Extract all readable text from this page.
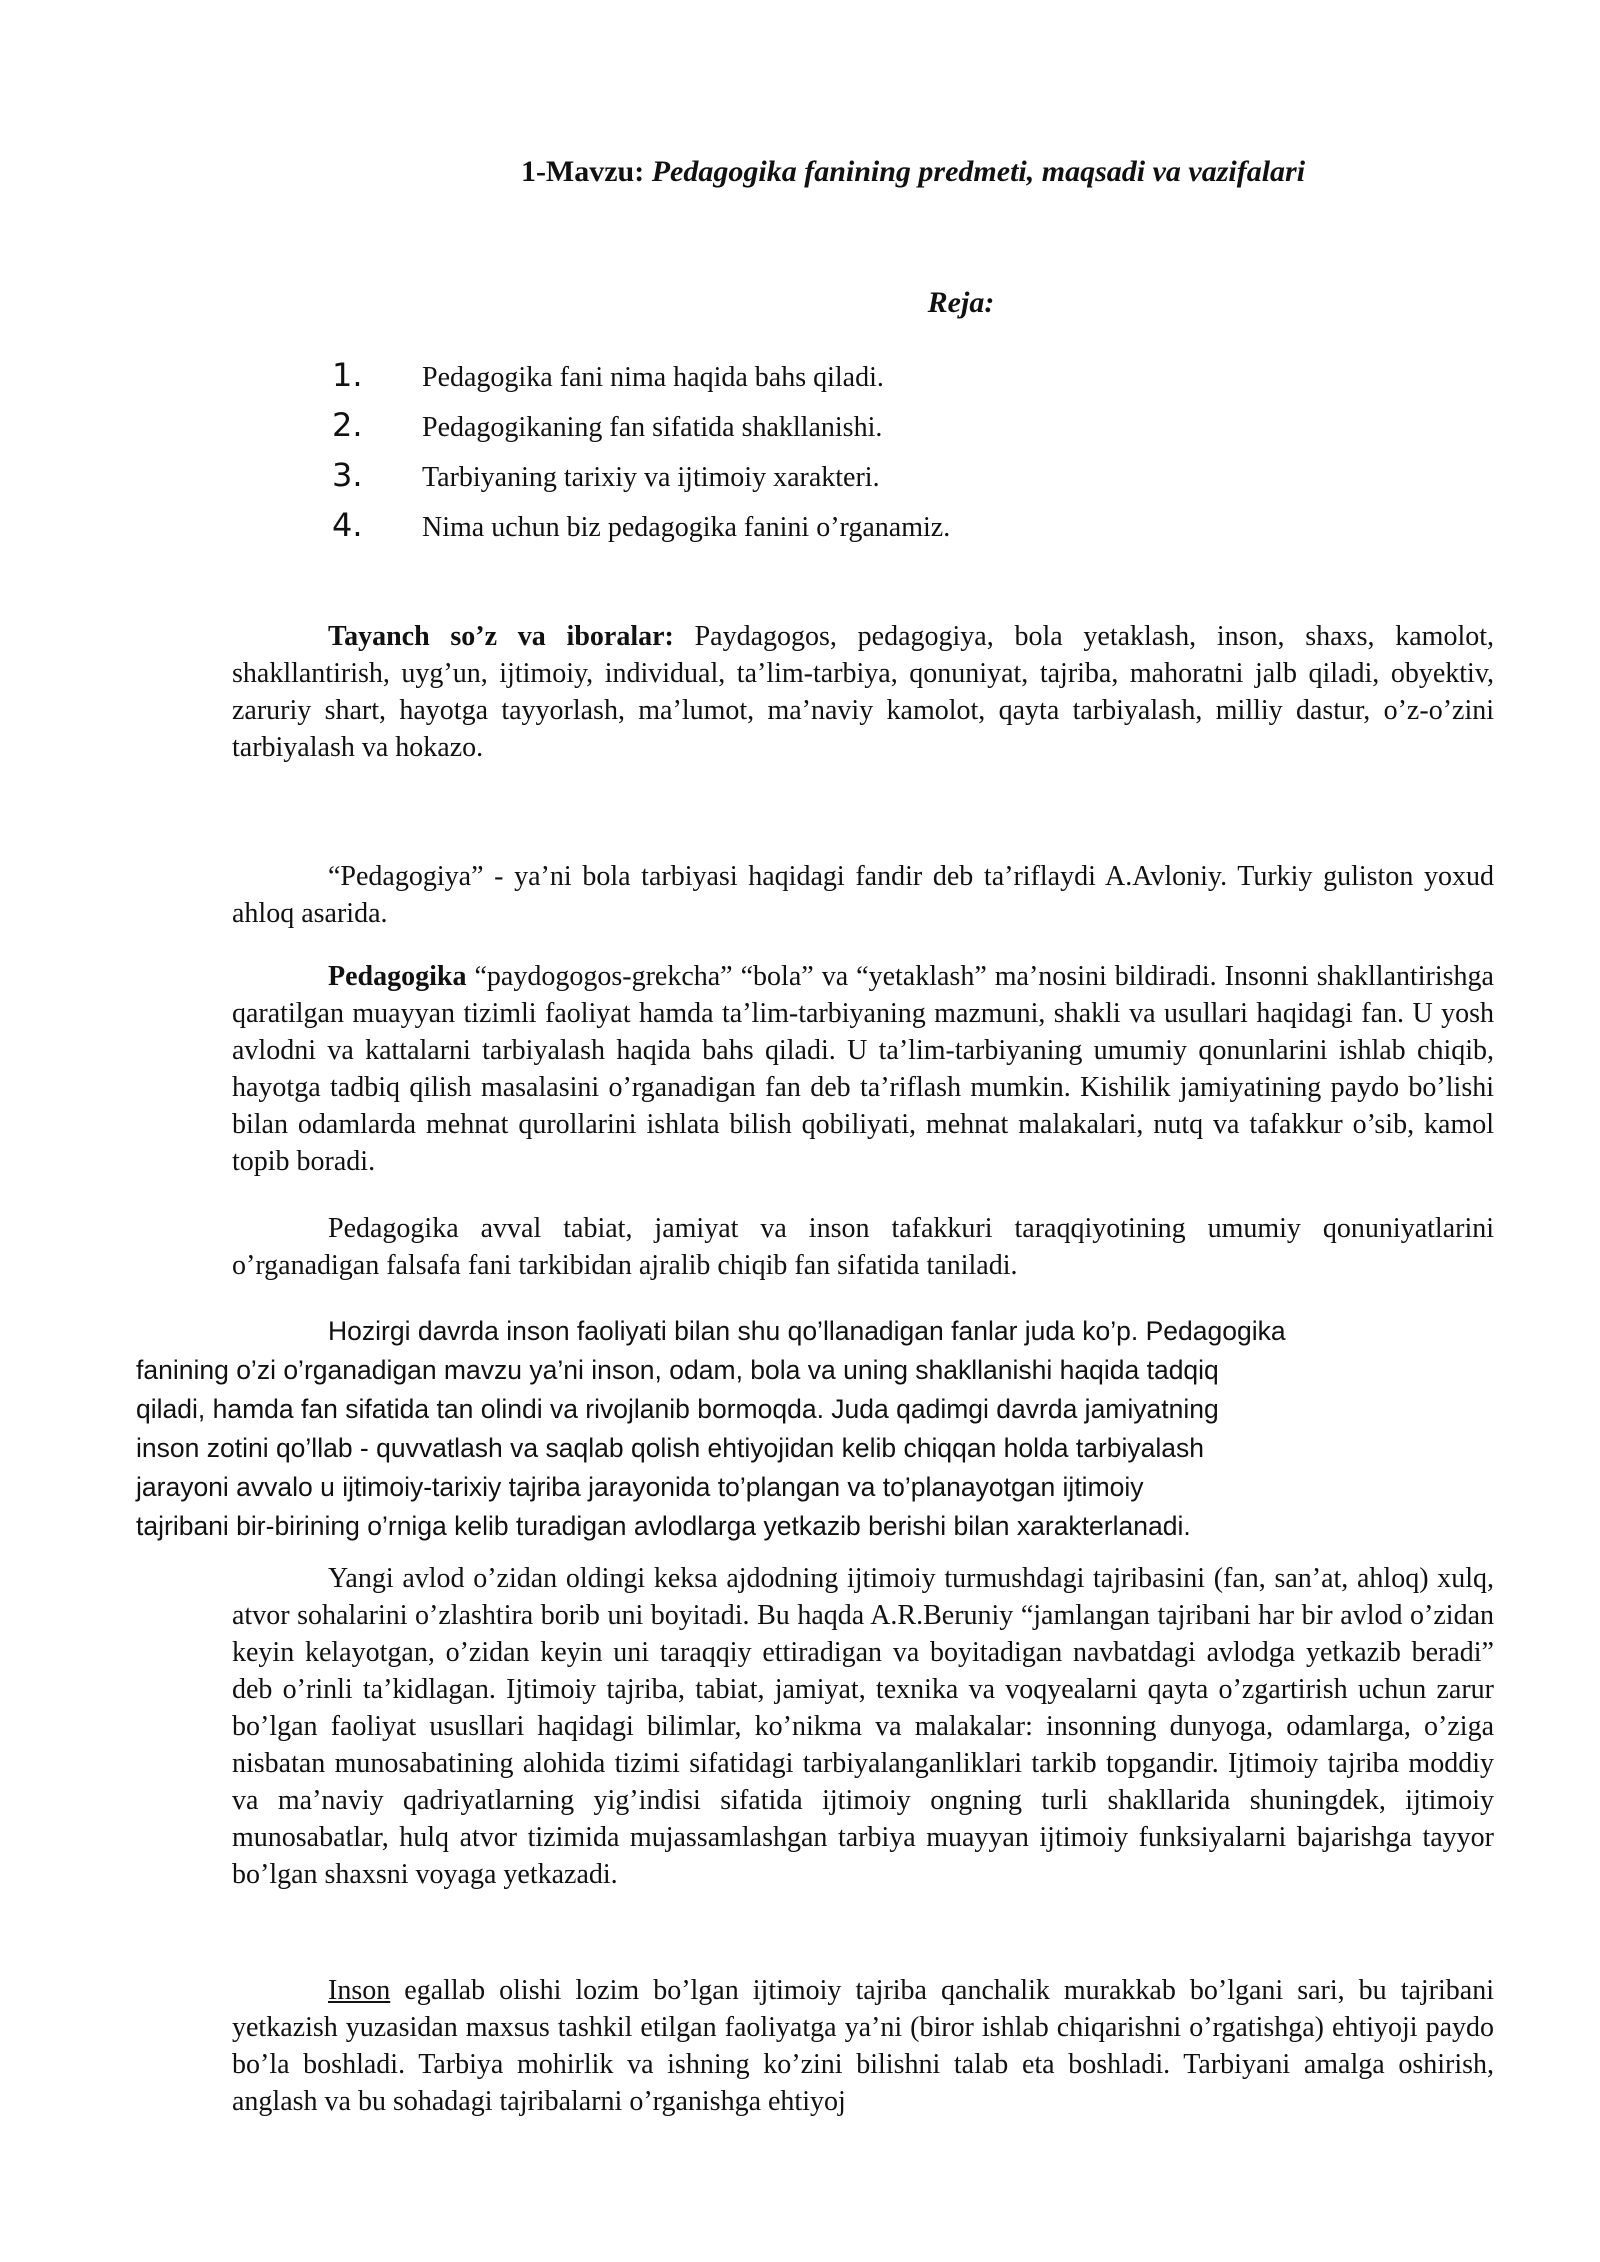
1-Mavzu: Pedagogika fanining predmeti, maqsadi va vazifalari
Reja:
1.	Pedagogika fani nima haqida bahs qiladi.
2.	Pedagogikaning fan sifatida shakllanishi.
3.	Tarbiyaning tarixiy va ijtimoiy xarakteri.
4.	Nima uchun biz pedagogika fanini o’rganamiz.

Tayanch so’z va iboralar: Paydagogos, pedagogiya, bola yetaklash, inson, shaxs, kamolot, shakllantirish, uyg’un, ijtimoiy, individual, ta’lim-tarbiya, qonuniyat, tajriba, mahoratni jalb qiladi, obyektiv, zaruriy shart, hayotga tayyorlash, ma’lumot, ma’naviy kamolot, qayta tarbiyalash, milliy dastur, o’z-o’zini tarbiyalash va hokazo.

“Pedagogiya” - ya’ni bola tarbiyasi haqidagi fandir deb ta’riflaydi A.Avloniy. Turkiy guliston yoxud ahloq asarida.

Pedagogika “paydogogos-grekcha” “bola” va “yetaklash” ma’nosini bildiradi. Insonni shakllantirishga qaratilgan muayyan tizimli faoliyat hamda ta’lim-tarbiyaning mazmuni, shakli va usullari haqidagi fan. U yosh avlodni va kattalarni tarbiyalash haqida bahs qiladi. U ta’lim-tarbiyaning umumiy qonunlarini ishlab chiqib, hayotga tadbiq qilish masalasini o’rganadigan fan deb ta’riflash mumkin. Kishilik jamiyatining paydo bo’lishi bilan odamlarda mehnat qurollarini ishlata bilish qobiliyati, mehnat malakalari, nutq va tafakkur o’sib, kamol topib boradi.

Pedagogika avval tabiat, jamiyat va inson tafakkuri taraqqiyotining umumiy qonuniyatlarini o’rganadigan falsafa fani tarkibidan ajralib chiqib fan sifatida taniladi.

Hozirgi davrda inson faoliyati bilan shu qo’llanadigan fanlar juda ko’p. Pedagogika
fanining o’zi o’rganadigan mavzu ya’ni inson, odam, bola va uning shakllanishi haqida tadqiq
qiladi, hamda fan sifatida tan olindi va rivojlanib bormoqda. Juda qadimgi davrda jamiyatning
inson zotini qo’llab - quvvatlash va saqlab qolish ehtiyojidan kelib chiqqan holda tarbiyalash
jarayoni avvalo u ijtimoiy-tarixiy tajriba jarayonida to’plangan va to’planayotgan ijtimoiy
tajribani bir-birining o’rniga kelib turadigan avlodlarga yetkazib berishi bilan xarakterlanadi.

Yangi avlod o’zidan oldingi keksa ajdodning ijtimoiy turmushdagi tajribasini (fan, san’at, ahloq) xulq, atvor sohalarini o’zlashtira borib uni boyitadi. Bu haqda A.R.Beruniy “jamlangan tajribani har bir avlod o’zidan keyin kelayotgan, o’zidan keyin uni taraqqiy ettiradigan va boyitadigan navbatdagi avlodga yetkazib beradi” deb o’rinli ta’kidlagan. Ijtimoiy tajriba, tabiat, jamiyat, texnika va voqyealarni qayta o’zgartirish uchun zarur bo’lgan faoliyat ususllari haqidagi bilimlar, ko’nikma va malakalar: insonning dunyoga, odamlarga, o’ziga nisbatan munosabatining alohida tizimi sifatidagi tarbiyalanganliklari tarkib topgandir. Ijtimoiy tajriba moddiy va ma’naviy qadriyatlarning yig’indisi sifatida ijtimoiy ongning turli shakllarida shuningdek, ijtimoiy munosabatlar, hulq atvor tizimida mujassamlashgan tarbiya muayyan ijtimoiy funksiyalarni bajarishga tayyor bo’lgan shaxsni voyaga yetkazadi.

Inson egallab olishi lozim bo’lgan ijtimoiy tajriba qanchalik murakkab bo’lgani sari, bu tajribani yetkazish yuzasidan maxsus tashkil etilgan faoliyatga ya’ni (biror ishlab chiqarishni o’rgatishga) ehtiyoji paydo bo’la boshladi. Tarbiya mohirlik va ishning ko’zini bilishni talab eta boshladi. Tarbiyani amalga oshirish, anglash va bu sohadagi tajribalarni o’rganishga ehtiyoj
